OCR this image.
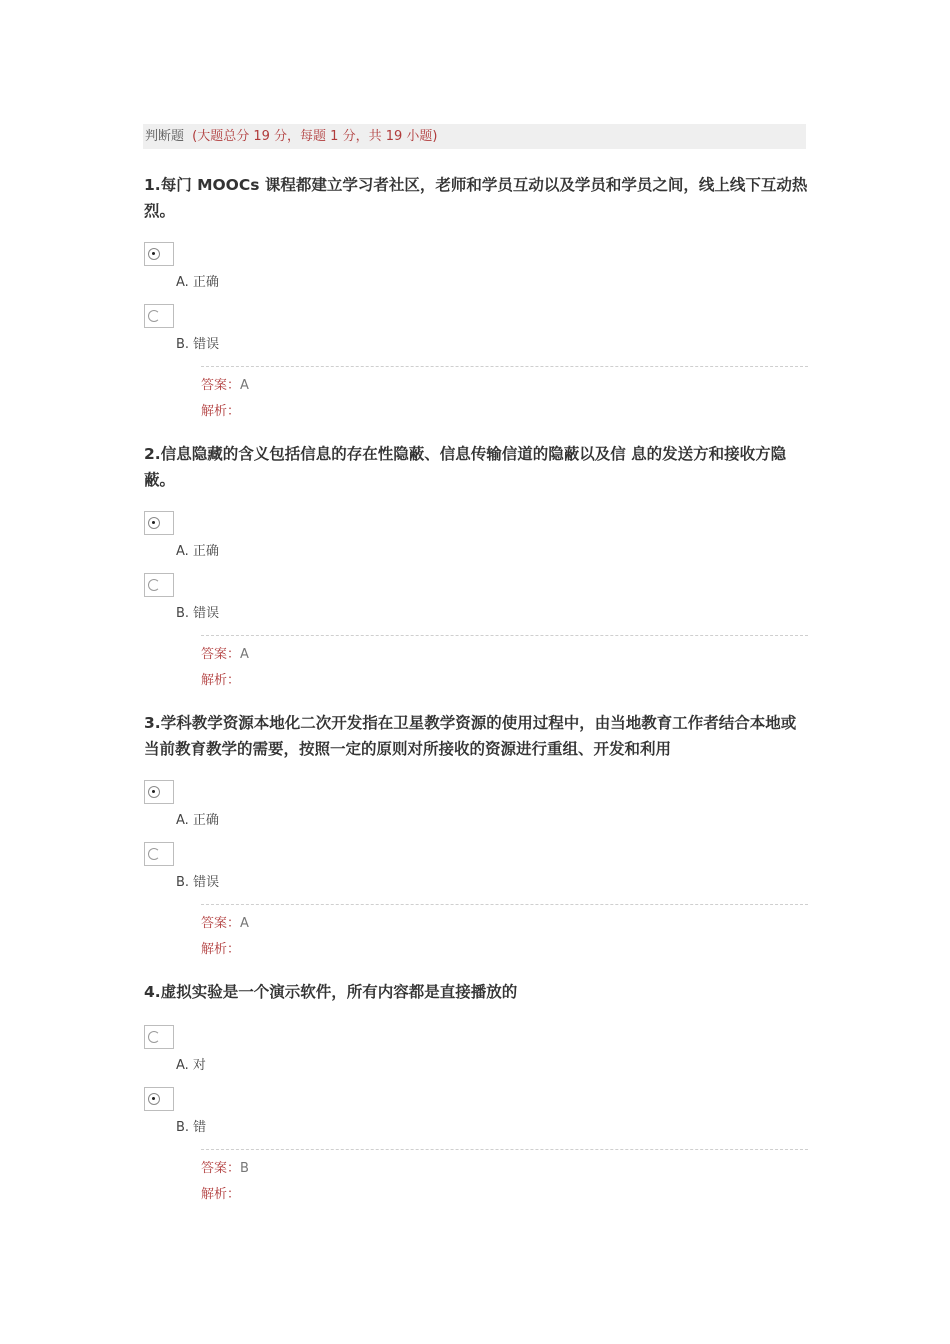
判断题 (大题总分 19 分，每题 1 分，共 19 小题)

1.每门 MOOCs 课程都建立学习者社区，老师和学员互动以及学员和学员之间，线上线下互动热烈。

A. 正确
B. 错误
答案：A
解析：

2.信息隐藏的含义包括信息的存在性隐蔽、信息传输信道的隐蔽以及信 息的发送方和接收方隐蔽。

A. 正确
B. 错误
答案：A
解析：

3.学科教学资源本地化二次开发指在卫星教学资源的使用过程中，由当地教育工作者结合本地或当前教育教学的需要，按照一定的原则对所接收的资源进行重组、开发和利用

A. 正确
B. 错误
答案：A
解析：

4.虚拟实验是一个演示软件，所有内容都是直接播放的

A. 对
B. 错
答案：B
解析：
